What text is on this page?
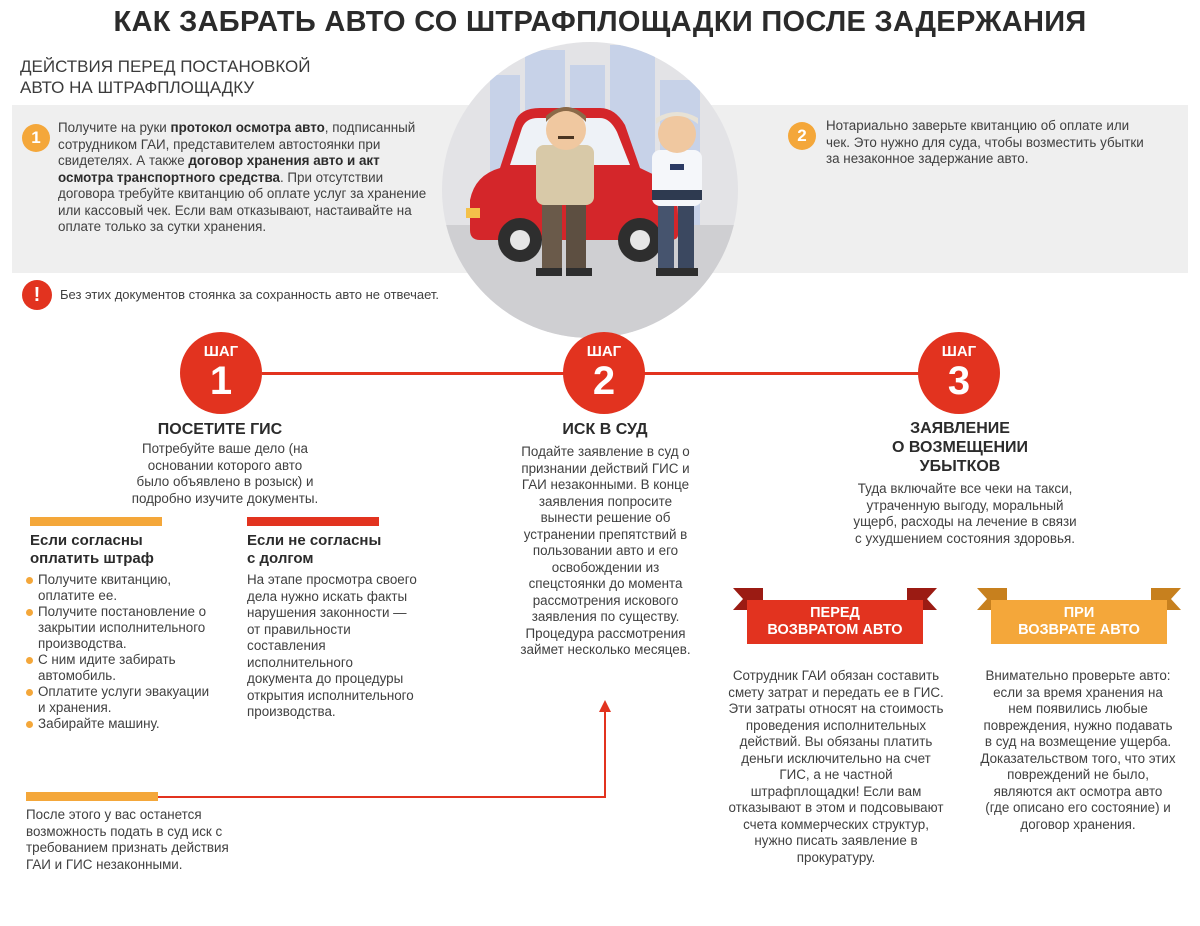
КАК ЗАБРАТЬ АВТО СО ШТРАФПЛОЩАДКИ ПОСЛЕ ЗАДЕРЖАНИЯ
ДЕЙСТВИЯ ПЕРЕД ПОСТАНОВКОЙ
АВТО НА ШТРАФПЛОЩАДКУ
1
Получите на руки протокол осмотра авто, подписанный сотрудником ГАИ, представителем автостоянки при свидетелях. А также договор хранения авто и акт осмотра транспортного средства. При отсутствии договора требуйте квитанцию об оплате услуг за хранение или кассовый чек. Если вам отказывают, настаивайте на оплате только за сутки хранения.
2
Нотариально заверьте квитанцию об оплате или чек. Это нужно для суда, чтобы возместить убытки за незаконное задержание авто.
!	Без этих документов стоянка за сохранность авто не отвечает.
ШАГ
1
ПОСЕТИТЕ ГИС
Потребуйте ваше дело (на основании которого авто было объявлено в розыск) и подробно изучите документы.
ШАГ
2
ИСК В СУД
Подайте заявление в суд о признании действий ГИС и ГАИ незаконными. В конце заявления попросите вынести решение об устранении препятствий в пользовании авто и его освобождении из спецстоянки до момента рассмотрения искового заявления по существу. Процедура рассмотрения займет несколько месяцев.
ШАГ
3
ЗАЯВЛЕНИЕ
О ВОЗМЕЩЕНИИ
УБЫТКОВ
Туда включайте все чеки на такси, утраченную выгоду, моральный ущерб, расходы на лечение в связи с ухудшением состояния здоровья.
Если согласны
оплатить штраф
Получите квитанцию, оплатите ее.
Получите постановление о закрытии исполнительного производства.
С ним идите забирать автомобиль.
Оплатите услуги эвакуации и хранения.
Забирайте машину.
Если не согласны
с долгом
На этапе просмотра своего дела нужно искать факты нарушения законности — от правильности составления исполнительного документа до процедуры открытия исполнительного производства.
После этого у вас останется возможность подать в суд иск с требованием признать действия ГАИ и ГИС незаконными.
ПЕРЕД
ВОЗВРАТОМ АВТО
Сотрудник ГАИ обязан составить смету затрат и передать ее в ГИС. Эти затраты относят на стоимость проведения исполнительных действий. Вы обязаны платить деньги исключительно на счет ГИС, а не частной штрафплощадки! Если вам отказывают в этом и подсовывают счета коммерческих структур, нужно писать заявление в прокуратуру.
ПРИ
ВОЗВРАТЕ АВТО
Внимательно проверьте авто: если за время хранения на нем появились любые повреждения, нужно подавать в суд на возмещение ущерба. Доказательством того, что этих повреждений не было, являются акт осмотра авто (где описано его состояние) и договор хранения.
